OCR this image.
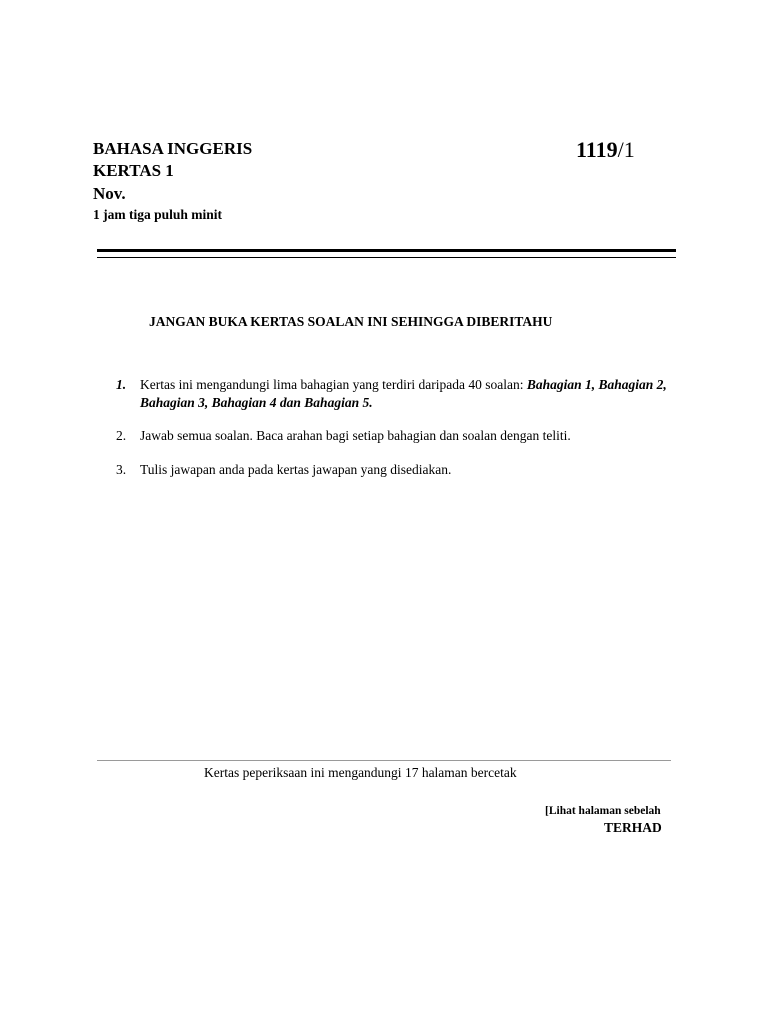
BAHASA INGGERIS
KERTAS 1
Nov.
1 jam tiga puluh minit
1119/1
JANGAN BUKA KERTAS SOALAN INI SEHINGGA DIBERITAHU
1.	Kertas ini mengandungi lima bahagian yang terdiri daripada 40 soalan: Bahagian 1, Bahagian 2, Bahagian 3, Bahagian 4 dan Bahagian 5.
2.	Jawab semua soalan. Baca arahan bagi setiap bahagian dan soalan dengan teliti.
3.	Tulis jawapan anda pada kertas jawapan yang disediakan.
Kertas peperiksaan ini mengandungi 17 halaman bercetak
[Lihat halaman sebelah
TERHAD
